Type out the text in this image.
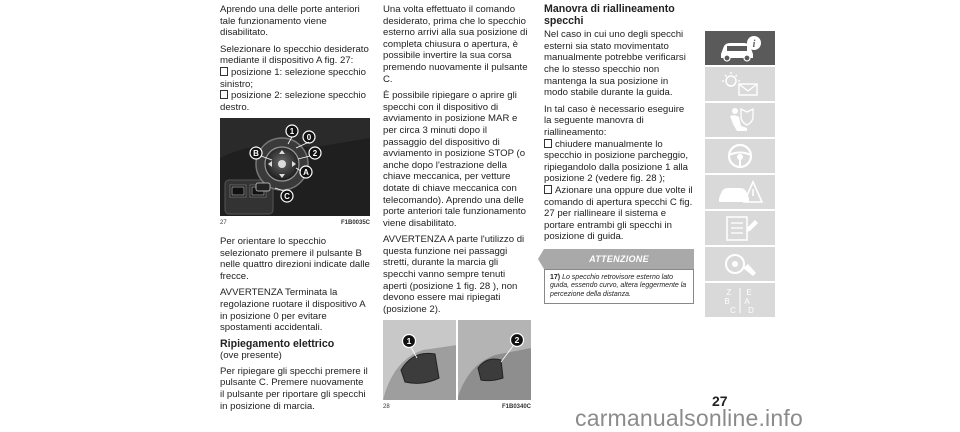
Aprendo una delle porte anteriori tale funzionamento viene disabilitato.

Selezionare lo specchio desiderato mediante il dispositivo A fig. 27:

posizione 1: selezione specchio sinistro;
posizione 2: selezione specchio destro.
1
0
2
B
A
C
27	F1B0035C

Per orientare lo specchio selezionato premere il pulsante B nelle quattro direzioni indicate dalle frecce.

AVVERTENZA Terminata la regolazione ruotare il dispositivo A in posizione 0 per evitare spostamenti accidentali.

Ripiegamento elettrico
(ove presente)

Per ripiegare gli specchi premere il pulsante C. Premere nuovamente il pulsante per riportare gli specchi in posizione di marcia.

Una volta effettuato il comando desiderato, prima che lo specchio esterno arrivi alla sua posizione di completa chiusura o apertura, è possibile invertire la sua corsa premendo nuovamente il pulsante C.

È possibile ripiegare o aprire gli specchi con il dispositivo di avviamento in posizione MAR e per circa 3 minuti dopo il passaggio del dispositivo di avviamento in posizione STOP (o anche dopo l'estrazione della chiave meccanica, per vetture dotate di chiave meccanica con telecomando). Aprendo una delle porte anteriori tale funzionamento viene disabilitato.

AVVERTENZA A parte l'utilizzo di questa funzione nei passaggi stretti, durante la marcia gli specchi vanno sempre tenuti aperti (posizione 1 fig. 28 ), non devono essere mai ripiegati (posizione 2).

1	2
28	F1B0340C
Manovra di riallineamento specchi

Nel caso in cui uno degli specchi esterni sia stato movimentato manualmente potrebbe verificarsi che lo stesso specchio non mantenga la sua posizione in modo stabile durante la guida.

In tal caso è necessario eseguire la seguente manovra di riallineamento:

chiudere manualmente lo specchio in posizione parcheggio, ripiegandolo dalla posizione 1 alla posizione 2 (vedere fig. 28 );
Azionare una oppure due volte il comando di apertura specchi C fig. 27 per riallineare il sistema e portare entrambi gli specchi in posizione di guida.
ATTENZIONE
17) Lo specchio retrovisore esterno lato guida, essendo curvo, altera leggermente la percezione della distanza.
i
Z E
B A
C D
27
carmanualsonline.info
